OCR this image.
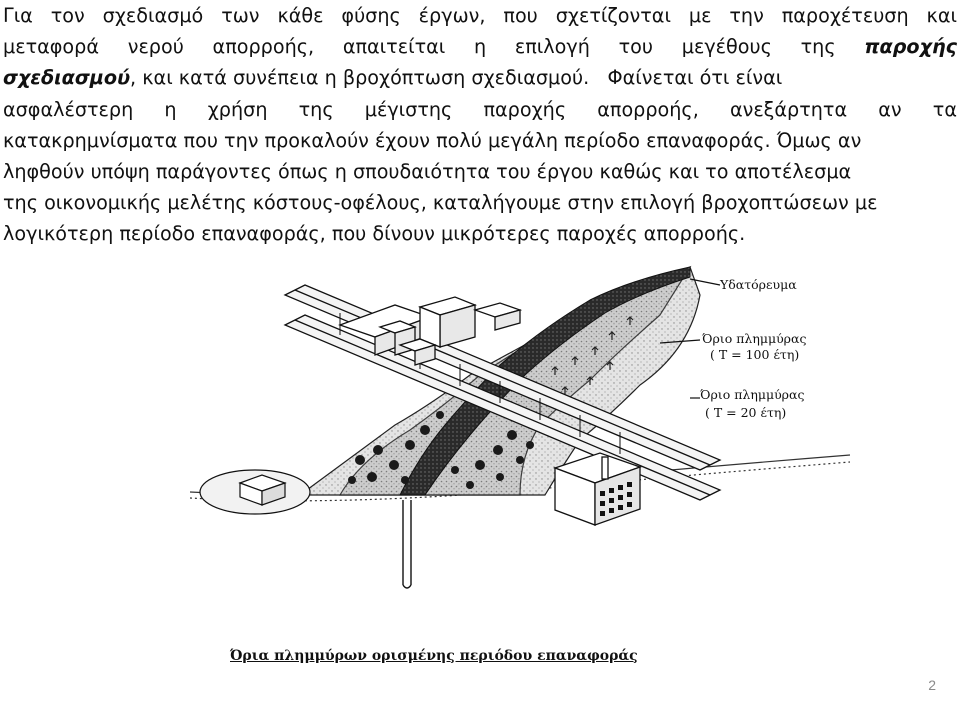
Για τον σχεδιασμό των κάθε φύσης έργων, που σχετίζονται με την παροχέτευση και
μεταφορά νερού απορροής, απαιτείται η επιλογή του μεγέθους της παροχής
σχεδιασμού, και κατά συνέπεια η βροχόπτωση σχεδιασμού.   Φαίνεται ότι είναι
ασφαλέστερη η χρήση της μέγιστης παροχής απορροής, ανεξάρτητα αν τα
κατακρημνίσματα που την προκαλούν έχουν πολύ μεγάλη περίοδο επαναφοράς. Όμως αν
ληφθούν υπόψη παράγοντες όπως η σπουδαιότητα του έργου καθώς και το αποτέλεσμα
της οικονομικής μελέτης κόστους-οφέλους, καταλήγουμε στην επιλογή βροχοπτώσεων με
λογικότερη περίοδο επαναφοράς, που δίνουν μικρότερες παροχές απορροής.
Υδατόρευμα
Όριο πλημμύρας
( T = 100 έτη)
Όριο πλημμύρας
( T = 20 έτη)
Όρια πλημμύρων ορισμένης περιόδου επαναφοράς
2
